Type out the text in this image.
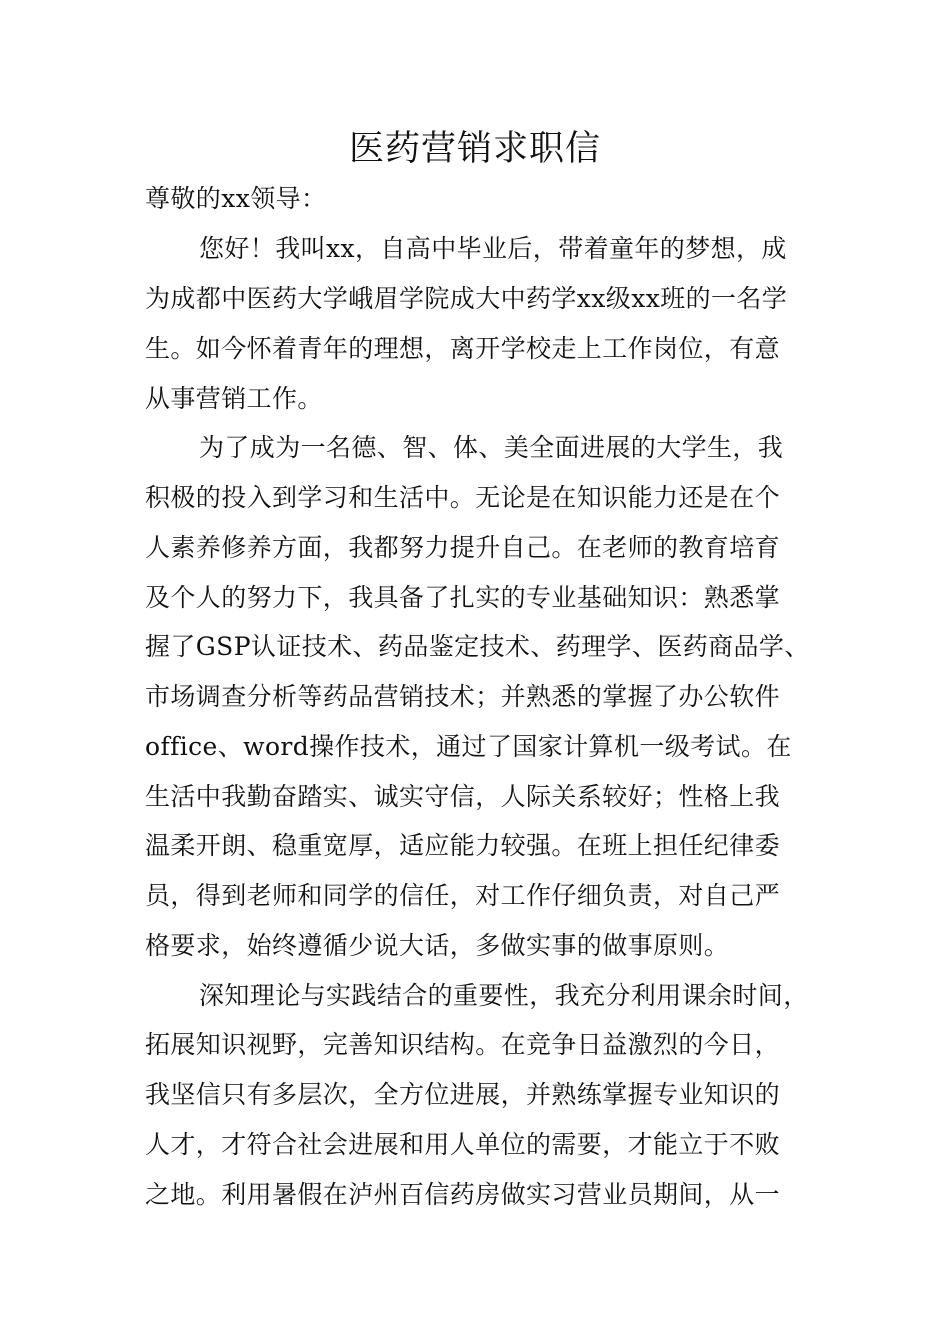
医药营销求职信
尊敬的xx领导：
您好！我叫xx，自高中毕业后，带着童年的梦想，成
为成都中医药大学峨眉学院成大中药学xx级xx班的一名学
生。如今怀着青年的理想，离开学校走上工作岗位，有意
从事营销工作。
为了成为一名德、智、体、美全面进展的大学生，我
积极的投入到学习和生活中。无论是在知识能力还是在个
人素养修养方面，我都努力提升自己。在老师的教育培育
及个人的努力下，我具备了扎实的专业基础知识：熟悉掌
握了GSP认证技术、药品鉴定技术、药理学、医药商品学、
市场调查分析等药品营销技术；并熟悉的掌握了办公软件
office、word操作技术，通过了国家计算机一级考试。在
生活中我勤奋踏实、诚实守信，人际关系较好；性格上我
温柔开朗、稳重宽厚，适应能力较强。在班上担任纪律委
员，得到老师和同学的信任，对工作仔细负责，对自己严
格要求，始终遵循少说大话，多做实事的做事原则。
深知理论与实践结合的重要性，我充分利用课余时间，
拓展知识视野，完善知识结构。在竞争日益激烈的今日，
我坚信只有多层次，全方位进展，并熟练掌握专业知识的
人才，才符合社会进展和用人单位的需要，才能立于不败
之地。利用暑假在泸州百信药房做实习营业员期间，从一
